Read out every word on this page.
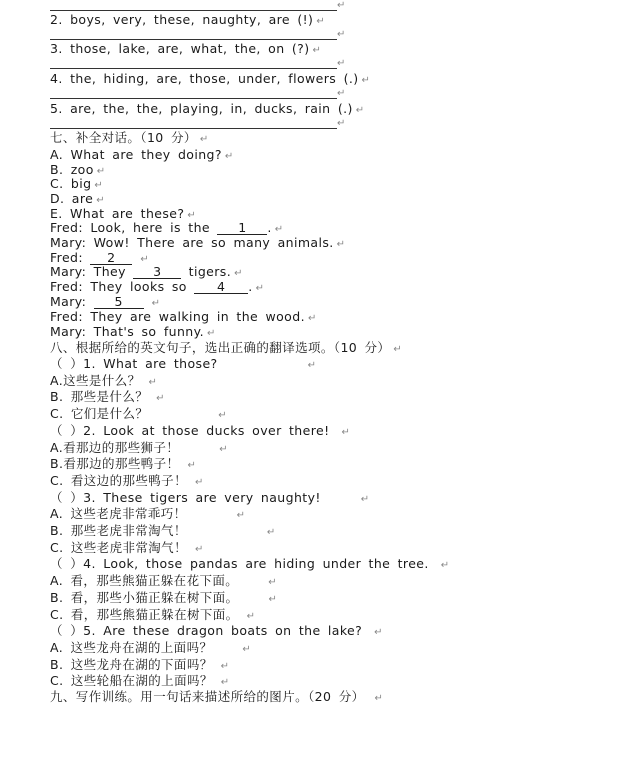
↵
2. boys, very, these, naughty, are (!) ↵
↵
3. those, lake, are, what, the, on (?) ↵
↵
4. the, hiding, are, those, under, flowers (.) ↵
↵
5. are, the, the, playing, in, ducks, rain (.) ↵
↵
七、补全对话。（10 分） ↵
A. What are they doing? ↵
B. zoo ↵
C. big ↵
D. are ↵
E. What are these? ↵
Fred: Look, here is the 1 . ↵
Mary: Wow! There are so many animals. ↵
Fred: 2 ↵
Mary: They 3 tigers. ↵
Fred: They looks so 4 . ↵
Mary: 5	↵
Fred: They are walking in the wood. ↵
Mary: That's so funny. ↵
八、根据所给的英文句子，选出正确的翻译选项。（10 分） ↵
（ ）1. What are those?	↵
A.这些是什么？ ↵
B. 那些是什么？ ↵
C. 它们是什么？	↵
（ ）2. Look at those ducks over there! ↵
A.看那边的那些狮子！	↵
B.看那边的那些鸭子！ ↵
C. 看这边的那些鸭子！ ↵
（ ）3. These tigers are very naughty!	↵
A. 这些老虎非常乖巧！	↵
B. 那些老虎非常淘气！	↵
C. 这些老虎非常淘气！ ↵
（ ）4. Look, those pandas are hiding under the tree. ↵
A. 看，那些熊猫正躲在花下面。	↵
B. 看，那些小猫正躲在树下面。	↵
C. 看，那些熊猫正躲在树下面。 ↵
（ ）5. Are these dragon boats on the lake? ↵
A. 这些龙舟在湖的上面吗？	↵
B. 这些龙舟在湖的下面吗？ ↵
C. 这些轮船在湖的上面吗？ ↵
九、写作训练。用一句话来描述所给的图片。（20 分） ↵
